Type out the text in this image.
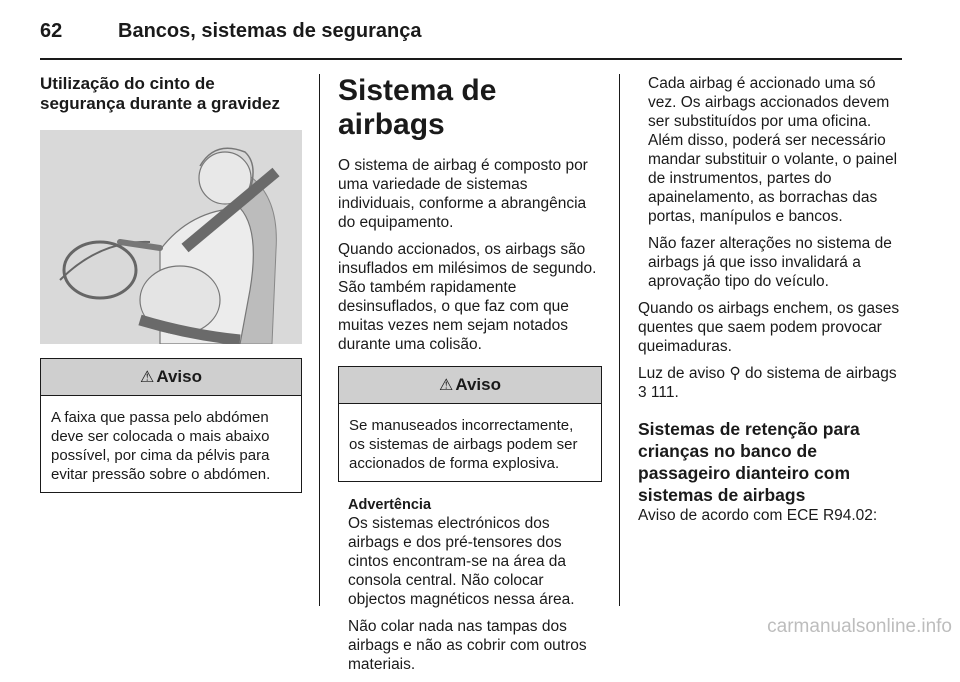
62	Bancos, sistemas de segurança
Utilização do cinto de
segurança durante a gravidez
⚠ Aviso

A faixa que passa pelo abdómen deve ser colocada o mais abaixo possível, por cima da pélvis para evitar pressão sobre o abdómen.

Sistema de airbags

O sistema de airbag é composto por uma variedade de sistemas individuais, conforme a abrangência do equipamento.

Quando accionados, os airbags são insuflados em milésimos de segundo. São também rapidamente desinsuflados, o que faz com que muitas vezes nem sejam notados durante uma colisão.

⚠ Aviso

Se manuseados incorrectamente, os sistemas de airbags podem ser accionados de forma explosiva.

Advertência

Os sistemas electrónicos dos airbags e dos pré-tensores dos cintos encontram-se na área da consola central. Não colocar objectos magnéticos nessa área.

Não colar nada nas tampas dos airbags e não as cobrir com outros materiais.

Cada airbag é accionado uma só vez. Os airbags accionados devem ser substituídos por uma oficina. Além disso, poderá ser necessário mandar substituir o volante, o painel de instrumentos, partes do apainelamento, as borrachas das portas, manípulos e bancos.

Não fazer alterações no sistema de airbags já que isso invalidará a aprovação tipo do veículo.

Quando os airbags enchem, os gases quentes que saem podem provocar queimaduras.

Luz de aviso ⚲ do sistema de airbags
3 111.

Sistemas de retenção para crianças no banco de passageiro dianteiro com sistemas de airbags

Aviso de acordo com ECE R94.02:

carmanualsonline.info
